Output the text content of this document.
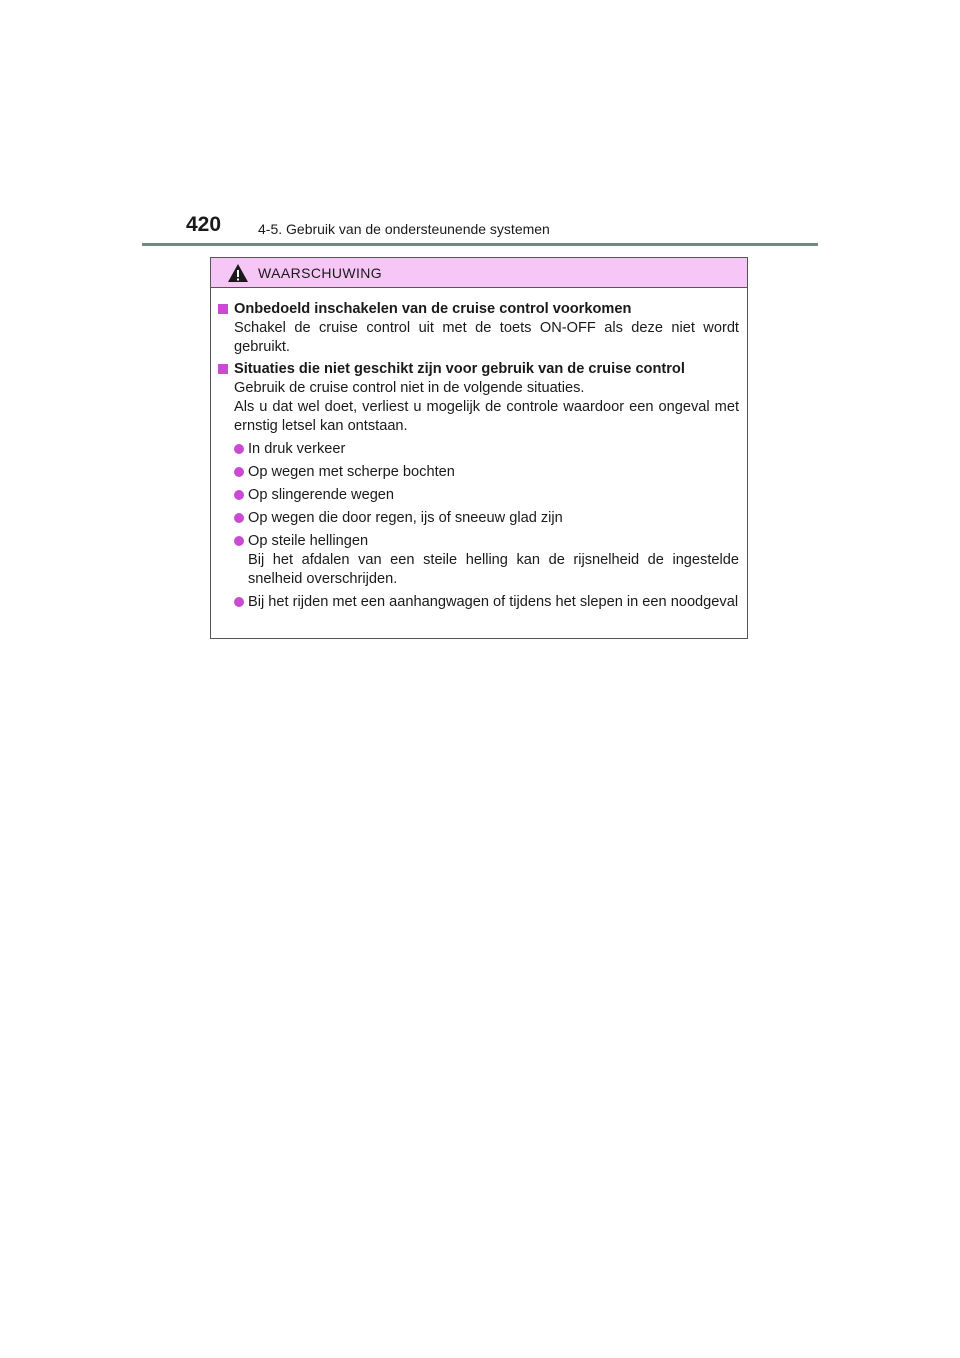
420	4-5. Gebruik van de ondersteunende systemen
WAARSCHUWING
Onbedoeld inschakelen van de cruise control voorkomen
Schakel de cruise control uit met de toets ON-OFF als deze niet wordt gebruikt.
Situaties die niet geschikt zijn voor gebruik van de cruise control
Gebruik de cruise control niet in de volgende situaties.
Als u dat wel doet, verliest u mogelijk de controle waardoor een ongeval met ernstig letsel kan ontstaan.
In druk verkeer
Op wegen met scherpe bochten
Op slingerende wegen
Op wegen die door regen, ijs of sneeuw glad zijn
Op steile hellingen
Bij het afdalen van een steile helling kan de rijsnelheid de ingestelde snelheid overschrijden.
Bij het rijden met een aanhangwagen of tijdens het slepen in een noodgeval
